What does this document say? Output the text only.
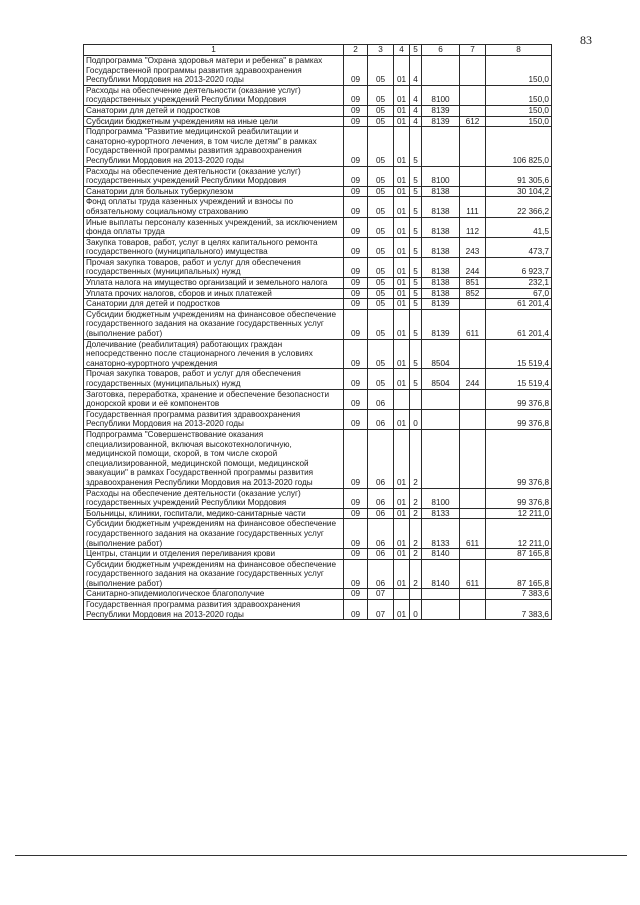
83
1	2	3	4	5	6	7	8
Подпрограмма "Охрана здоровья матери и ребенка" в рамках Государственной программы развития здравоохранения Республики Мордовия на 2013-2020 годы	09	05	01	4			150,0
Расходы на обеспечение деятельности (оказание услуг) государственных учреждений Республики Мордовия	09	05	01	4	8100		150,0
Санатории для детей и подростков	09	05	01	4	8139		150,0
Субсидии бюджетным учреждениям на иные цели	09	05	01	4	8139	612	150,0
Подпрограмма "Развитие медицинской реабилитации и санаторно-курортного лечения, в том числе детям" в рамках Государственной программы развития здравоохранения Республики Мордовия на 2013-2020 годы	09	05	01	5			106 825,0
Расходы на обеспечение деятельности (оказание услуг) государственных учреждений Республики Мордовия	09	05	01	5	8100		91 305,6
Санатории для больных туберкулезом	09	05	01	5	8138		30 104,2
Фонд оплаты труда казенных учреждений и взносы по обязательному социальному страхованию	09	05	01	5	8138	111	22 366,2
Иные выплаты персоналу казенных учреждений, за исключением фонда оплаты труда	09	05	01	5	8138	112	41,5
Закупка товаров, работ, услуг в целях капитального ремонта государственного (муниципального) имущества	09	05	01	5	8138	243	473,7
Прочая закупка товаров, работ и услуг для обеспечения государственных (муниципальных) нужд	09	05	01	5	8138	244	6 923,7
Уплата налога на имущество организаций и земельного налога	09	05	01	5	8138	851	232,1
Уплата прочих налогов, сборов и иных платежей	09	05	01	5	8138	852	67,0
Санатории для детей и подростков	09	05	01	5	8139		61 201,4
Субсидии бюджетным учреждениям на финансовое обеспечение государственного задания на оказание государственных услуг (выполнение работ)	09	05	01	5	8139	611	61 201,4
Долечивание (реабилитация) работающих граждан непосредственно после стационарного лечения в условиях санаторно-курортного учреждения	09	05	01	5	8504		15 519,4
Прочая закупка товаров, работ и услуг для обеспечения государственных (муниципальных) нужд	09	05	01	5	8504	244	15 519,4
Заготовка, переработка, хранение и обеспечение безопасности донорской крови и её компонентов	09	06					99 376,8
Государственная программа развития здравоохранения Республики Мордовия на 2013-2020 годы	09	06	01	0			99 376,8
Подпрограмма "Совершенствование оказания специализированной, включая высокотехнологичную, медицинской помощи, скорой, в том числе скорой специализированной, медицинской помощи, медицинской эвакуации" в рамках Государственной программы развития здравоохранения Республики Мордовия на 2013-2020 годы	09	06	01	2			99 376,8
Расходы на обеспечение деятельности (оказание услуг) государственных учреждений Республики Мордовия	09	06	01	2	8100		99 376,8
Больницы, клиники, госпитали, медико-санитарные части	09	06	01	2	8133		12 211,0
Субсидии бюджетным учреждениям на финансовое обеспечение государственного задания на оказание государственных услуг (выполнение работ)	09	06	01	2	8133	611	12 211,0
Центры, станции и отделения переливания крови	09	06	01	2	8140		87 165,8
Субсидии бюджетным учреждениям на финансовое обеспечение государственного задания на оказание государственных услуг (выполнение работ)	09	06	01	2	8140	611	87 165,8
Санитарно-эпидемиологическое благополучие	09	07					7 383,6
Государственная программа развития здравоохранения Республики Мордовия на 2013-2020 годы	09	07	01	0			7 383,6
